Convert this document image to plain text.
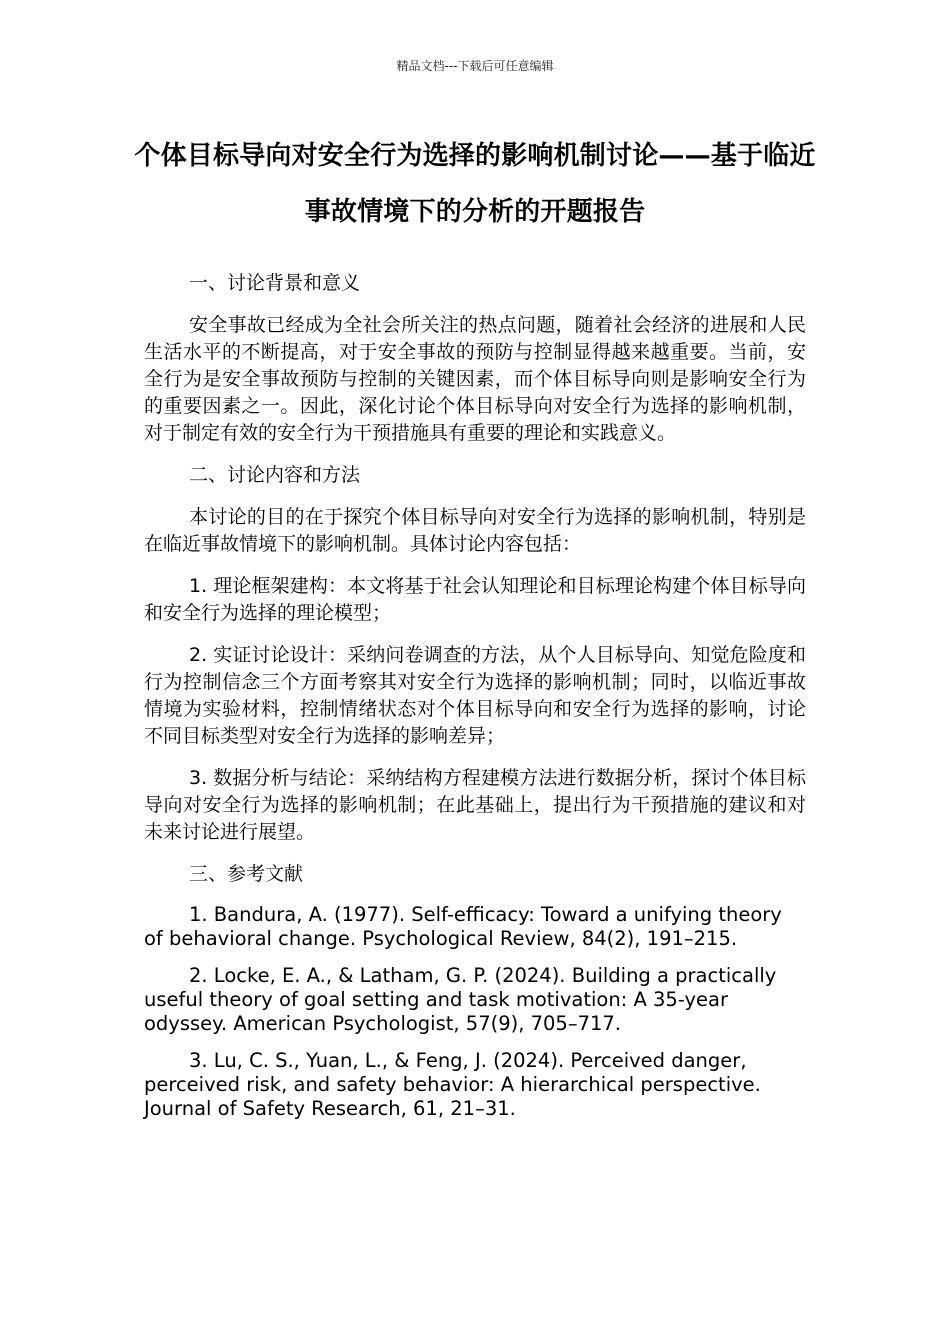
精品文档---下载后可任意编辑
个体目标导向对安全行为选择的影响机制讨论——基于临近事故情境下的分析的开题报告

一、讨论背景和意义

安全事故已经成为全社会所关注的热点问题，随着社会经济的进展和人民生活水平的不断提高，对于安全事故的预防与控制显得越来越重要。当前，安全行为是安全事故预防与控制的关键因素，而个体目标导向则是影响安全行为的重要因素之一。因此，深化讨论个体目标导向对安全行为选择的影响机制，对于制定有效的安全行为干预措施具有重要的理论和实践意义。

二、讨论内容和方法

本讨论的目的在于探究个体目标导向对安全行为选择的影响机制，特别是在临近事故情境下的影响机制。具体讨论内容包括：

1. 理论框架建构：本文将基于社会认知理论和目标理论构建个体目标导向和安全行为选择的理论模型；

2. 实证讨论设计：采纳问卷调查的方法，从个人目标导向、知觉危险度和行为控制信念三个方面考察其对安全行为选择的影响机制；同时，以临近事故情境为实验材料，控制情绪状态对个体目标导向和安全行为选择的影响，讨论不同目标类型对安全行为选择的影响差异；

3. 数据分析与结论：采纳结构方程建模方法进行数据分析，探讨个体目标导向对安全行为选择的影响机制；在此基础上，提出行为干预措施的建议和对未来讨论进行展望。

三、参考文献

1. Bandura, A. (1977). Self-efficacy: Toward a unifying theory of behavioral change. Psychological Review, 84(2), 191–215.

2. Locke, E. A., & Latham, G. P. (2024). Building a practically useful theory of goal setting and task motivation: A 35-year odyssey. American Psychologist, 57(9), 705–717.

3. Lu, C. S., Yuan, L., & Feng, J. (2024). Perceived danger, perceived risk, and safety behavior: A hierarchical perspective. Journal of Safety Research, 61, 21–31.
